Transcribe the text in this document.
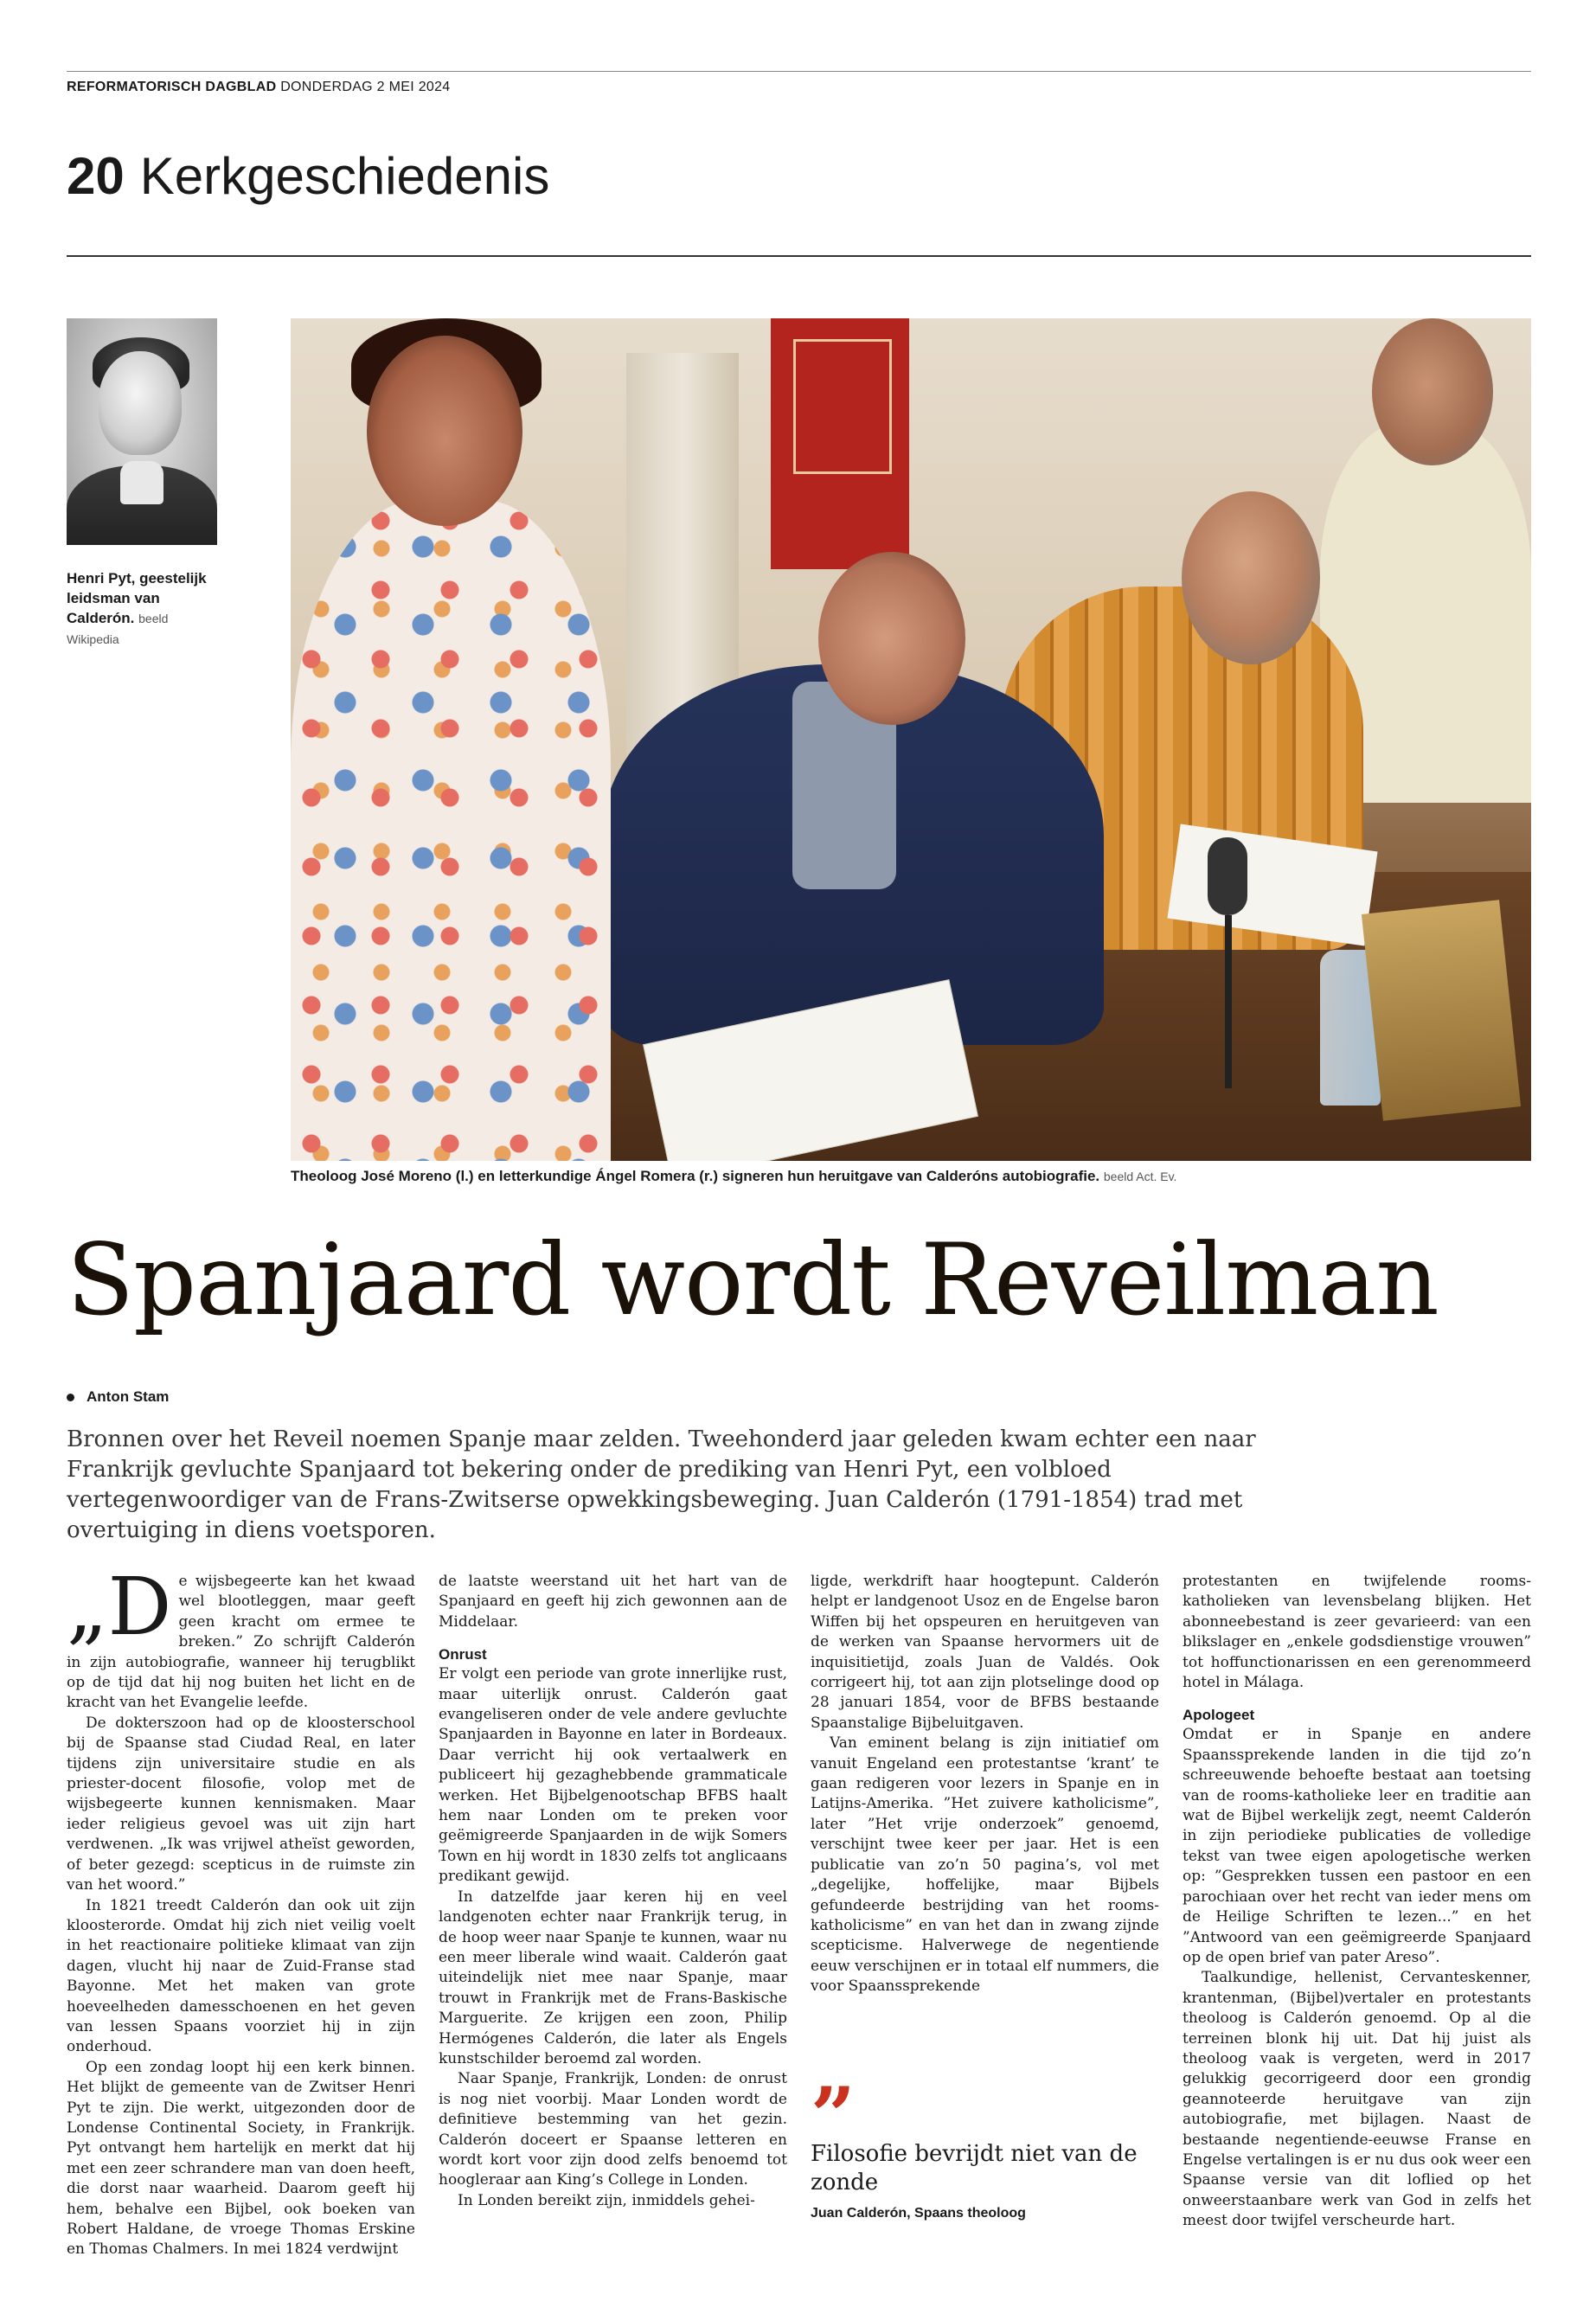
REFORMATORISCH DAGBLAD DONDERDAG 2 MEI 2024
20 Kerkgeschiedenis
Henri Pyt, geestelijk leidsman van Calderón. beeld Wikipedia
Theoloog José Moreno (l.) en letterkundige Ángel Romera (r.) signeren hun heruitgave van Calderóns autobiografie. beeld Act. Ev.
Spanjaard wordt Reveilman
Anton Stam
Bronnen over het Reveil noemen Spanje maar zelden. Tweehonderd jaar geleden kwam echter een naar Frankrijk gevluchte Spanjaard tot bekering onder de prediking van Henri Pyt, een volbloed vertegenwoordiger van de Frans-Zwitserse opwekkingsbeweging. Juan Calderón (1791-1854) trad met overtuiging in diens voetsporen.

„De wijsbegeerte kan het kwaad wel blootleggen, maar geeft geen kracht om ermee te breken.” Zo schrijft Calderón in zijn autobiografie, wanneer hij terugblikt op de tijd dat hij nog buiten het licht en de kracht van het Evangelie leefde.

De dokterszoon had op de kloosterschool bij de Spaanse stad Ciudad Real, en later tijdens zijn universitaire studie en als priester-docent filosofie, volop met de wijsbegeerte kunnen kennismaken. Maar ieder religieus gevoel was uit zijn hart verdwenen. „Ik was vrijwel atheïst geworden, of beter gezegd: scepticus in de ruimste zin van het woord.”

In 1821 treedt Calderón dan ook uit zijn kloosterorde. Omdat hij zich niet veilig voelt in het reactionaire politieke klimaat van zijn dagen, vlucht hij naar de Zuid-Franse stad Bayonne. Met het maken van grote hoeveelheden damesschoenen en het geven van lessen Spaans voorziet hij in zijn onderhoud.

Op een zondag loopt hij een kerk binnen. Het blijkt de gemeente van de Zwitser Henri Pyt te zijn. Die werkt, uitgezonden door de Londense Continental Society, in Frankrijk. Pyt ontvangt hem hartelijk en merkt dat hij met een zeer schrandere man van doen heeft, die dorst naar waarheid. Daarom geeft hij hem, behalve een Bijbel, ook boeken van Robert Haldane, de vroege Thomas Erskine en Thomas Chalmers. In mei 1824 verdwijnt

de laatste weerstand uit het hart van de Spanjaard en geeft hij zich gewonnen aan de Middelaar.

Onrust

Er volgt een periode van grote innerlijke rust, maar uiterlijk onrust. Calderón gaat evangeliseren onder de vele andere gevluchte Spanjaarden in Bayonne en later in Bordeaux. Daar verricht hij ook vertaalwerk en publiceert hij gezaghebbende grammaticale werken. Het Bijbelgenootschap BFBS haalt hem naar Londen om te preken voor geëmigreerde Spanjaarden in de wijk Somers Town en hij wordt in 1830 zelfs tot anglicaans predikant gewijd.

In datzelfde jaar keren hij en veel landgenoten echter naar Frankrijk terug, in de hoop weer naar Spanje te kunnen, waar nu een meer liberale wind waait. Calderón gaat uiteindelijk niet mee naar Spanje, maar trouwt in Frankrijk met de Frans-Baskische Marguerite. Ze krijgen een zoon, Philip Hermógenes Calderón, die later als Engels kunstschilder beroemd zal worden.

Naar Spanje, Frankrijk, Londen: de onrust is nog niet voorbij. Maar Londen wordt de definitieve bestemming van het gezin. Calderón doceert er Spaanse letteren en wordt kort voor zijn dood zelfs benoemd tot hoogleraar aan King’s College in Londen.

In Londen bereikt zijn, inmiddels gehei-

ligde, werkdrift haar hoogtepunt. Calderón helpt er landgenoot Usoz en de Engelse baron Wiffen bij het opspeuren en heruitgeven van de werken van Spaanse hervormers uit de inquisitietijd, zoals Juan de Valdés. Ook corrigeert hij, tot aan zijn plotselinge dood op 28 januari 1854, voor de BFBS bestaande Spaanstalige Bijbeluitgaven.

Van eminent belang is zijn initiatief om vanuit Engeland een protestantse ‘krant’ te gaan redigeren voor lezers in Spanje en in Latijns-Amerika. ”Het zuivere katholicisme”, later ”Het vrije onderzoek” genoemd, verschijnt twee keer per jaar. Het is een publicatie van zo’n 50 pagina’s, vol met „degelijke, hoffelijke, maar Bijbels gefundeerde bestrijding van het rooms-katholicisme” en van het dan in zwang zijnde scepticisme. Halverwege de negentiende eeuw verschijnen er in totaal elf nummers, die voor Spaanssprekende

”
Filosofie bevrijdt niet van de zonde
Juan Calderón, Spaans theoloog

protestanten en twijfelende rooms-katholieken van levensbelang blijken. Het abonneebestand is zeer gevarieerd: van een blikslager en „enkele godsdienstige vrouwen” tot hoffunctionarissen en een gerenommeerd hotel in Málaga.

Apologeet

Omdat er in Spanje en andere Spaanssprekende landen in die tijd zo’n schreeuwende behoefte bestaat aan toetsing van de rooms-katholieke leer en traditie aan wat de Bijbel werkelijk zegt, neemt Calderón in zijn periodieke publicaties de volledige tekst van twee eigen apologetische werken op: ”Gesprekken tussen een pastoor en een parochiaan over het recht van ieder mens om de Heilige Schriften te lezen...” en het ”Antwoord van een geëmigreerde Spanjaard op de open brief van pater Areso”.

Taalkundige, hellenist, Cervanteskenner, krantenman, (Bijbel)vertaler en protestants theoloog is Calderón genoemd. Op al die terreinen blonk hij uit. Dat hij juist als theoloog vaak is vergeten, werd in 2017 gelukkig gecorrigeerd door een grondig geannoteerde heruitgave van zijn autobiografie, met bijlagen. Naast de bestaande negentiende-eeuwse Franse en Engelse vertalingen is er nu dus ook weer een Spaanse versie van dit loflied op het onweerstaanbare werk van God in zelfs het meest door twijfel verscheurde hart.
